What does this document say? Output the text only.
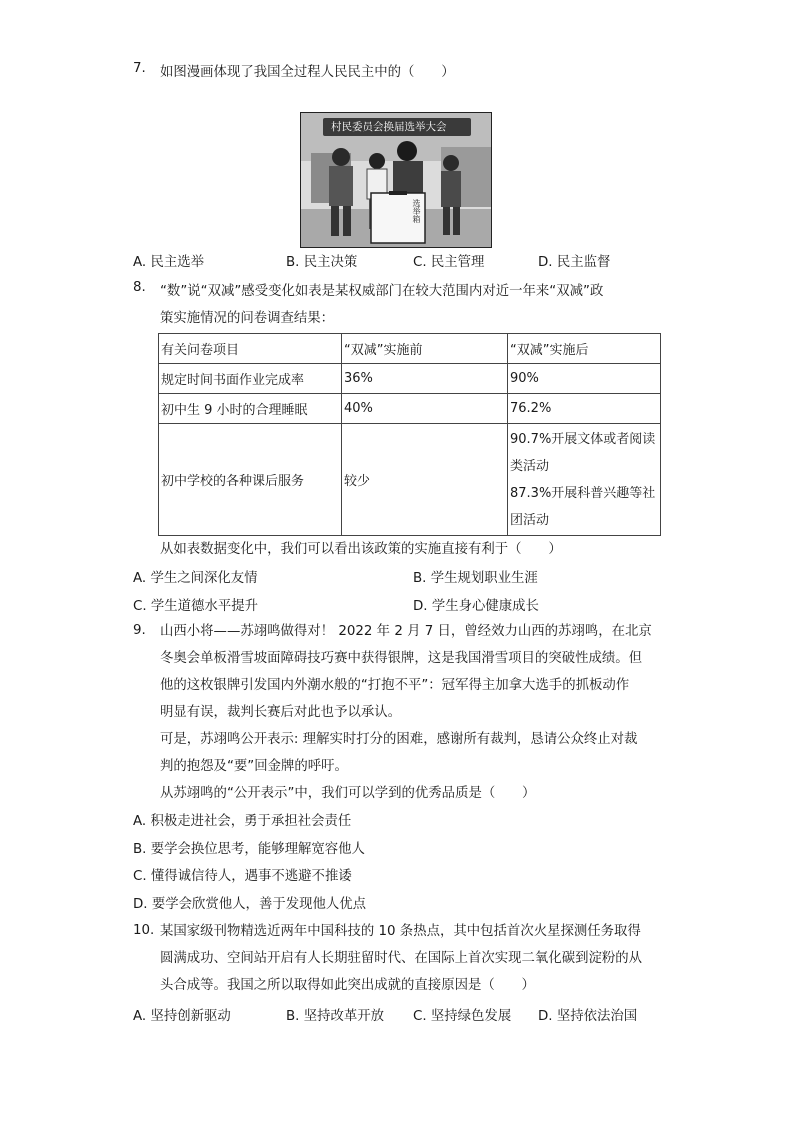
7. 如图漫画体现了我国全过程人民民主中的（　　）
村民委员会换届选举大会
选举箱
A. 民主选举	B. 民主决策	C. 民主管理	D. 民主监督
8. “数”说“双减”感受变化如表是某权威部门在较大范围内对近一年来“双减”政
策实施情况的问卷调查结果：
有关问卷项目	“双减”实施前	“双减”实施后
规定时间书面作业完成率	36%	90%
初中生 9 小时的合理睡眠	40%	76.2%
初中学校的各种课后服务	较少	90.7%开展文体或者阅读
类活动
87.3%开展科普兴趣等社
团活动
从如表数据变化中，我们可以看出该政策的实施直接有利于（　　）
A. 学生之间深化友情	B. 学生规划职业生涯
C. 学生道德水平提升	D. 学生身心健康成长
9. 山西小将——苏翊鸣做得对！ 2022 年 2 月 7 日，曾经效力山西的苏翊鸣，在北京
冬奥会单板滑雪坡面障碍技巧赛中获得银牌，这是我国滑雪项目的突破性成绩。但
他的这枚银牌引发国内外潮水般的“打抱不平”：冠军得主加拿大选手的抓板动作
明显有误，裁判长赛后对此也予以承认。
可是，苏翊鸣公开表示: 理解实时打分的困难，感谢所有裁判，恳请公众终止对裁
判的抱怨及“要”回金牌的呼吁。
从苏翊鸣的“公开表示”中，我们可以学到的优秀品质是（　　）
A. 积极走进社会，勇于承担社会责任
B. 要学会换位思考，能够理解宽容他人
C. 懂得诚信待人，遇事不逃避不推诿
D. 要学会欣赏他人，善于发现他人优点
10. 某国家级刊物精选近两年中国科技的 10 条热点，其中包括首次火星探测任务取得
圆满成功、空间站开启有人长期驻留时代、在国际上首次实现二氧化碳到淀粉的从
头合成等。我国之所以取得如此突出成就的直接原因是（　　）
A. 坚持创新驱动	B. 坚持改革开放 C. 坚持绿色发展 D. 坚持依法治国
